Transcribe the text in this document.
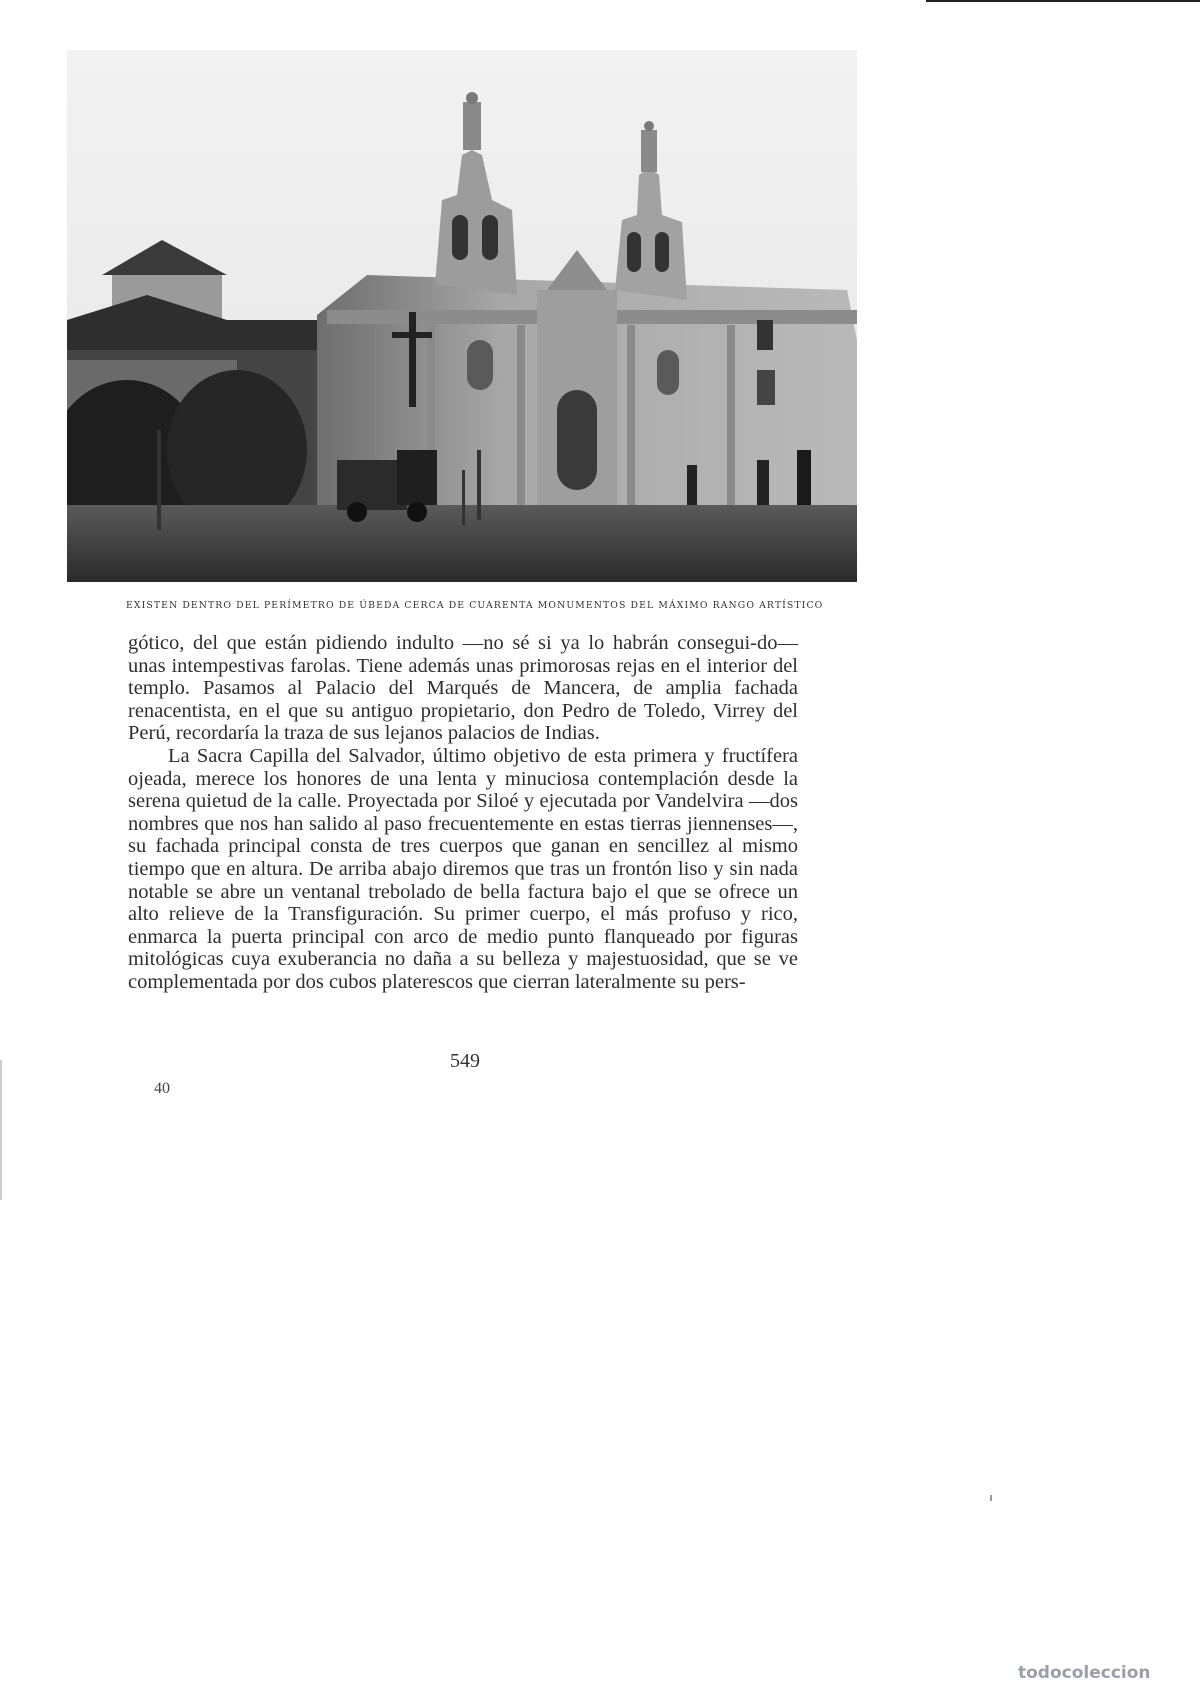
EXISTEN DENTRO DEL PERÍMETRO DE ÚBEDA CERCA DE CUARENTA MONUMENTOS DEL MÁXIMO RANGO ARTÍSTICO

gótico, del que están pidiendo indulto —no sé si ya lo habrán consegui-do— unas intempestivas farolas. Tiene además unas primorosas rejas en el interior del templo. Pasamos al Palacio del Marqués de Mancera, de amplia fachada renacentista, en el que su antiguo propietario, don Pedro de Toledo, Virrey del Perú, recordaría la traza de sus lejanos palacios de Indias.

La Sacra Capilla del Salvador, último objetivo de esta primera y fructífera ojeada, merece los honores de una lenta y minuciosa contemplación desde la serena quietud de la calle. Proyectada por Siloé y ejecutada por Vandelvira —dos nombres que nos han salido al paso frecuentemente en estas tierras jiennenses—, su fachada principal consta de tres cuerpos que ganan en sencillez al mismo tiempo que en altura. De arriba abajo diremos que tras un frontón liso y sin nada notable se abre un ventanal trebolado de bella factura bajo el que se ofrece un alto relieve de la Transfiguración. Su primer cuerpo, el más profuso y rico, enmarca la puerta principal con arco de medio punto flanqueado por figuras mitológicas cuya exuberancia no daña a su belleza y majestuosidad, que se ve complementada por dos cubos platerescos que cierran lateralmente su pers-

549
40
todocoleccion
